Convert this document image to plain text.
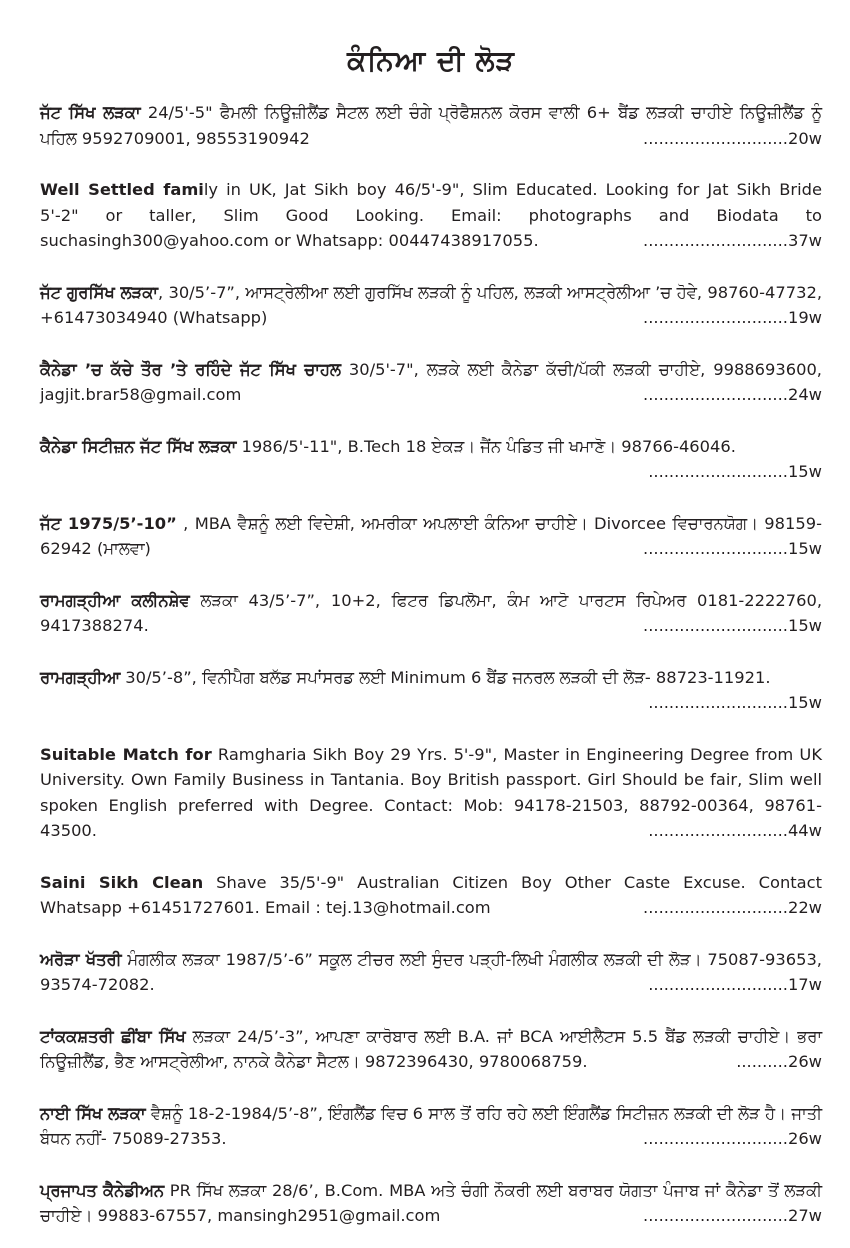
ਕੰਨਿਆ ਦੀ ਲੋੜ

ਜੱਟ ਸਿੱਖ ਲੜਕਾ 24/5'-5" ਫੈਮਲੀ ਨਿਊਜ਼ੀਲੈਂਡ ਸੈਟਲ ਲਈ ਚੰਗੇ ਪ੍ਰੋਫੈਸ਼ਨਲ ਕੋਰਸ ਵਾਲੀ 6+ ਬੈਂਡ ਲੜਕੀ ਚਾਹੀਏ ਨਿਊਜ਼ੀਲੈਂਡ ਨੂੰ ਪਹਿਲ 9592709001, 98553190942	............................20w

Well Settled family in UK, Jat Sikh boy 46/5'-9", Slim Educated. Looking for Jat Sikh Bride 5'-2" or taller, Slim Good Looking. Email: photographs and Biodata to suchasingh300@yahoo.com or Whatsapp: 00447438917055.	............................37w

ਜੱਟ ਗੁਰਸਿੱਖ ਲੜਕਾ, 30/5’-7”, ਆਸਟ੍ਰੇਲੀਆ ਲਈ ਗੁਰਸਿੱਖ ਲੜਕੀ ਨੂੰ ਪਹਿਲ, ਲੜਕੀ ਆਸਟ੍ਰੇਲੀਆ ’ਚ ਹੋਵੇ, 98760-47732, +61473034940 (Whatsapp)	............................19w

ਕੈਨੇਡਾ ’ਚ ਕੱਚੇ ਤੌਰ ’ਤੇ ਰਹਿੰਦੇ ਜੱਟ ਸਿੱਖ ਚਾਹਲ 30/5'-7", ਲੜਕੇ ਲਈ ਕੈਨੇਡਾ ਕੱਚੀ/ਪੱਕੀ ਲੜਕੀ ਚਾਹੀਏ, 9988693600, jagjit.brar58@gmail.com	............................24w

ਕੈਨੇਡਾ ਸਿਟੀਜ਼ਨ ਜੱਟ ਸਿੱਖ ਲੜਕਾ 1986/5'-11", B.Tech 18 ਏਕੜ। ਜੈਂਨ ਪੰਡਿਤ ਜੀ ਖਮਾਣੋ। 98766-46046.
...........................15w

ਜੱਟ 1975/5’-10” , MBA ਵੈਸ਼ਨੂੰ ਲਈ ਵਿਦੇਸ਼ੀ, ਅਮਰੀਕਾ ਅਪਲਾਈ ਕੰਨਿਆ ਚਾਹੀਏ। Divorcee ਵਿਚਾਰਨਯੋਗ। 98159-62942 (ਮਾਲਵਾ)	............................15w

ਰਾਮਗੜ੍ਹੀਆ ਕਲੀਨਸ਼ੇਵ ਲੜਕਾ 43/5’-7”, 10+2, ਫਿਟਰ ਡਿਪਲੋਮਾ, ਕੰਮ ਆਟੋ ਪਾਰਟਸ ਰਿਪੇਅਰ 0181-2222760, 9417388274.	............................15w

ਰਾਮਗੜ੍ਹੀਆ 30/5’-8”, ਵਿਨੀਪੈਗ ਬਲੱਡ ਸਪਾਂਸਰਡ ਲਈ Minimum 6 ਬੈਂਡ ਜਨਰਲ ਲੜਕੀ ਦੀ ਲੋੜ- 88723-11921.
...........................15w

Suitable Match for Ramgharia Sikh Boy 29 Yrs. 5'-9", Master in Engineering Degree from UK University. Own Family Business in Tantania. Boy British passport. Girl Should be fair, Slim well spoken English preferred with Degree. Contact: Mob: 94178-21503, 88792-00364, 98761-43500.	...........................44w

Saini Sikh Clean Shave 35/5'-9" Australian Citizen Boy Other Caste Excuse. Contact Whatsapp +61451727601. Email : tej.13@hotmail.com	............................22w

ਅਰੋੜਾ ਖੱਤਰੀ ਮੰਗਲੀਕ ਲੜਕਾ 1987/5’-6” ਸਕੂਲ ਟੀਚਰ ਲਈ ਸੁੰਦਰ ਪੜ੍ਹੀ-ਲਿਖੀ ਮੰਗਲੀਕ ਲੜਕੀ ਦੀ ਲੋੜ। 75087-93653, 93574-72082.	...........................17w

ਟਾਂਕਕਸ਼ਤਰੀ ਛੀਂਬਾ ਸਿੱਖ ਲੜਕਾ 24/5’-3”, ਆਪਣਾ ਕਾਰੋਬਾਰ ਲਈ B.A. ਜਾਂ BCA ਆਈਲੈਟਸ 5.5 ਬੈਂਡ ਲੜਕੀ ਚਾਹੀਏ। ਭਰਾ ਨਿਊਜ਼ੀਲੈਂਡ, ਭੈਣ ਆਸਟ੍ਰੇਲੀਆ, ਨਾਨਕੇ ਕੈਨੇਡਾ ਸੈਟਲ। 9872396430, 9780068759.	..........26w

ਨਾਈ ਸਿੱਖ ਲੜਕਾ ਵੈਸ਼ਨੂੰ 18-2-1984/5’-8”, ਇੰਗਲੈਂਡ ਵਿਚ 6 ਸਾਲ ਤੋਂ ਰਹਿ ਰਹੇ ਲਈ ਇੰਗਲੈਂਡ ਸਿਟੀਜ਼ਨ ਲੜਕੀ ਦੀ ਲੋੜ ਹੈ। ਜਾਤੀ ਬੰਧਨ ਨਹੀਂ- 75089-27353.	............................26w

ਪ੍ਰਜਾਪਤ ਕੈਨੇਡੀਅਨ PR ਸਿੱਖ ਲੜਕਾ 28/6’, B.Com. MBA ਅਤੇ ਚੰਗੀ ਨੌਕਰੀ ਲਈ ਬਰਾਬਰ ਯੋਗਤਾ ਪੰਜਾਬ ਜਾਂ ਕੈਨੇਡਾ ਤੋਂ ਲੜਕੀ ਚਾਹੀਏ। 99883-67557, mansingh2951@gmail.com	............................27w
